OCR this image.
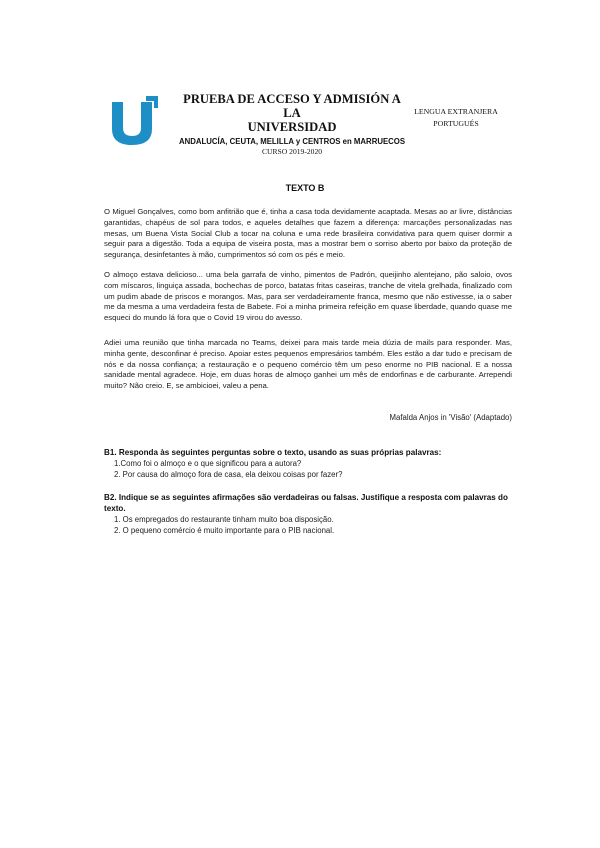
PRUEBA DE ACCESO Y ADMISIÓN A LA
UNIVERSIDAD
ANDALUCÍA, CEUTA, MELILLA y CENTROS en MARRUECOS
CURSO 2019-2020
LENGUA EXTRANJERA
PORTUGUÉS
TEXTO B

O Miguel Gonçalves, como bom anfitrião que é, tinha a casa toda devidamente acaptada. Mesas ao ar livre, distâncias garantidas, chapéus de sol para todos, e aqueles detalhes que fazem a diferença: marcações personalizadas nas mesas, um Buena Vista Social Club a tocar na coluna e uma rede brasileira convidativa para quem quiser dormir a seguir para a digestão. Toda a equipa de viseira posta, mas a mostrar bem o sorriso aberto por baixo da proteção de segurança, desinfetantes à mão, cumprimentos só com os pés e meio.

O almoço estava delicioso... uma bela garrafa de vinho, pimentos de Padrón, queijinho alentejano, pão saloio, ovos com míscaros, linguiça assada, bochechas de porco, batatas fritas caseiras, tranche de vitela grelhada, finalizado com um pudim abade de priscos e morangos. Mas, para ser verdadeiramente franca, mesmo que não estivesse, ia o saber me da mesma a uma verdadeira festa de Babete. Foi a minha primeira refeição em quase liberdade, quando quase me esqueci do mundo lá fora que o Covid 19 virou do avesso.

Adiei uma reunião que tinha marcada no Teams, deixei para mais tarde meia dúzia de mails para responder. Mas, minha gente, desconfinar é preciso. Apoiar estes pequenos empresários também. Eles estão a dar tudo e precisam de nós e da nossa confiança; a restauração e o pequeno comércio têm um peso enorme no PIB nacional. E a nossa sanidade mental agradece. Hoje, em duas horas de almoço ganhei um mês de endorfinas e de carburante. Arrependi muito? Não creio. E, se ambicioei, valeu a pena.

Mafalda Anjos in 'Visão' (Adaptado)

B1. Responda às seguintes perguntas sobre o texto, usando as suas próprias palavras:

1.Como foi o almoço e o que significou para a autora?

2. Por causa do almoço fora de casa, ela deixou coisas por fazer?

B2. Indique se as seguintes afirmações são verdadeiras ou falsas. Justifique a resposta com palavras do texto.

1. Os empregados do restaurante tinham muito boa disposição.

2. O pequeno comércio é muito importante para o PIB nacional.
